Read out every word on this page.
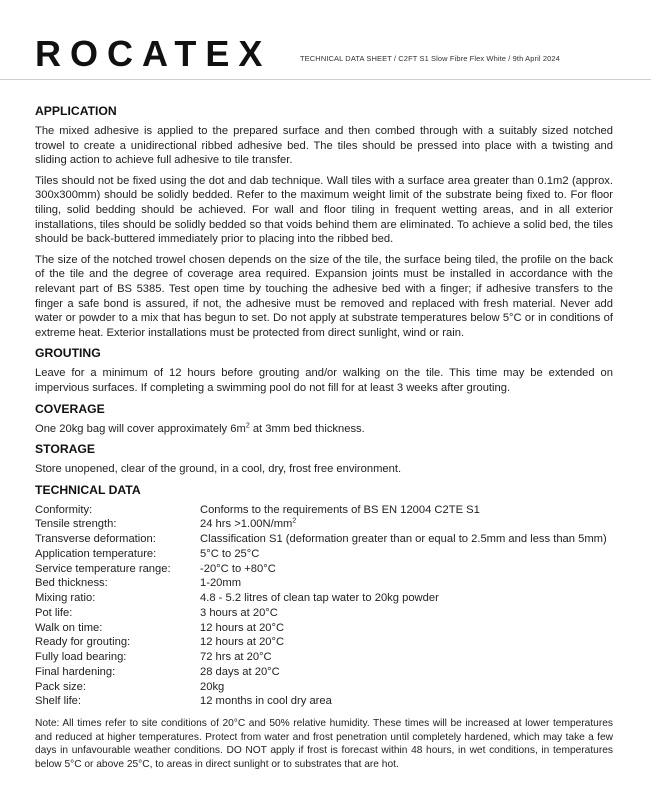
ROCATEX	TECHNICAL DATA SHEET / C2FT S1 Slow Fibre Flex White / 9th April 2024
APPLICATION

The mixed adhesive is applied to the prepared surface and then combed through with a suitably sized notched trowel to create a unidirectional ribbed adhesive bed. The tiles should be pressed into place with a twisting and sliding action to achieve full adhesive to tile transfer.

Tiles should not be fixed using the dot and dab technique. Wall tiles with a surface area greater than 0.1m2 (approx. 300x300mm) should be solidly bedded. Refer to the maximum weight limit of the substrate being fixed to. For floor tiling, solid bedding should be achieved. For wall and floor tiling in frequent wetting areas, and in all exterior installations, tiles should be solidly bedded so that voids behind them are eliminated. To achieve a solid bed, the tiles should be back-buttered immediately prior to placing into the ribbed bed.

The size of the notched trowel chosen depends on the size of the tile, the surface being tiled, the profile on the back of the tile and the degree of coverage area required. Expansion joints must be installed in accordance with the relevant part of BS 5385. Test open time by touching the adhesive bed with a finger; if adhesive transfers to the finger a safe bond is assured, if not, the adhesive must be removed and replaced with fresh material. Never add water or powder to a mix that has begun to set. Do not apply at substrate temperatures below 5°C or in conditions of extreme heat. Exterior installations must be protected from direct sunlight, wind or rain.

GROUTING

Leave for a minimum of 12 hours before grouting and/or walking on the tile. This time may be extended on impervious surfaces. If completing a swimming pool do not fill for at least 3 weeks after grouting.

COVERAGE

One 20kg bag will cover approximately $6m^2$ at 3mm bed thickness.

STORAGE

Store unopened, clear of the ground, in a cool, dry, frost free environment.

TECHNICAL DATA
Conformity:	Conforms to the requirements of BS EN 12004 C2TE S1
Tensile strength:	24 hrs $>1.00N/mm^2$
Transverse deformation:	Classification S1 (deformation greater than or equal to 2.5mm and less than 5mm)
Application temperature:	5°C to 25°C
Service temperature range:	-20°C to +80°C
Bed thickness:	1-20mm
Mixing ratio:	4.8 - 5.2 litres of clean tap water to 20kg powder
Pot life:	3 hours at 20°C
Walk on time:	12 hours at 20°C
Ready for grouting:	12 hours at 20°C
Fully load bearing:	72 hrs at 20°C
Final hardening:	28 days at 20°C
Pack size:	20kg
Shelf life:	12 months in cool dry area

Note: All times refer to site conditions of 20°C and 50% relative humidity. These times will be increased at lower temperatures and reduced at higher temperatures. Protect from water and frost penetration until completely hardened, which may take a few days in unfavourable weather conditions. DO NOT apply if frost is forecast within 48 hours, in wet conditions, in temperatures below 5°C or above 25°C, to areas in direct sunlight or to substrates that are hot.
